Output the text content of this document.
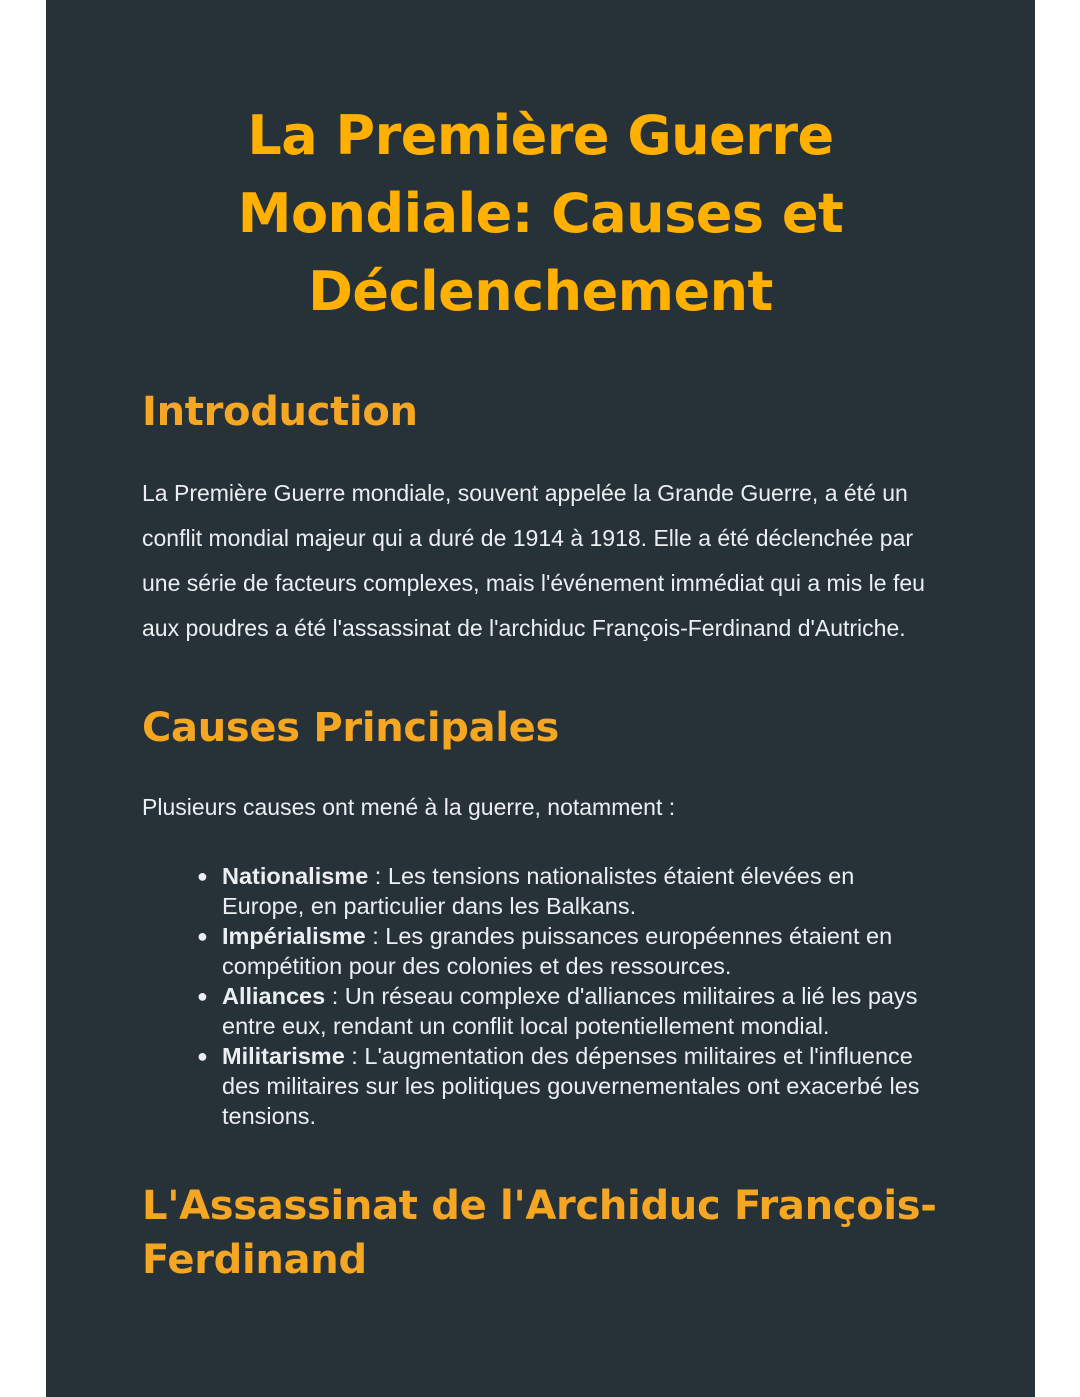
La Première Guerre Mondiale: Causes et Déclenchement
Introduction

La Première Guerre mondiale, souvent appelée la Grande Guerre, a été un conflit mondial majeur qui a duré de 1914 à 1918. Elle a été déclenchée par une série de facteurs complexes, mais l'événement immédiat qui a mis le feu aux poudres a été l'assassinat de l'archiduc François-Ferdinand d'Autriche.

Causes Principales

Plusieurs causes ont mené à la guerre, notamment :

● Nationalisme : Les tensions nationalistes étaient élevées en Europe, en particulier dans les Balkans.
● Impérialisme : Les grandes puissances européennes étaient en compétition pour des colonies et des ressources.
● Alliances : Un réseau complexe d'alliances militaires a lié les pays entre eux, rendant un conflit local potentiellement mondial.
● Militarisme : L'augmentation des dépenses militaires et l'influence des militaires sur les politiques gouvernementales ont exacerbé les tensions.
L'Assassinat de l'Archiduc François-Ferdinand
